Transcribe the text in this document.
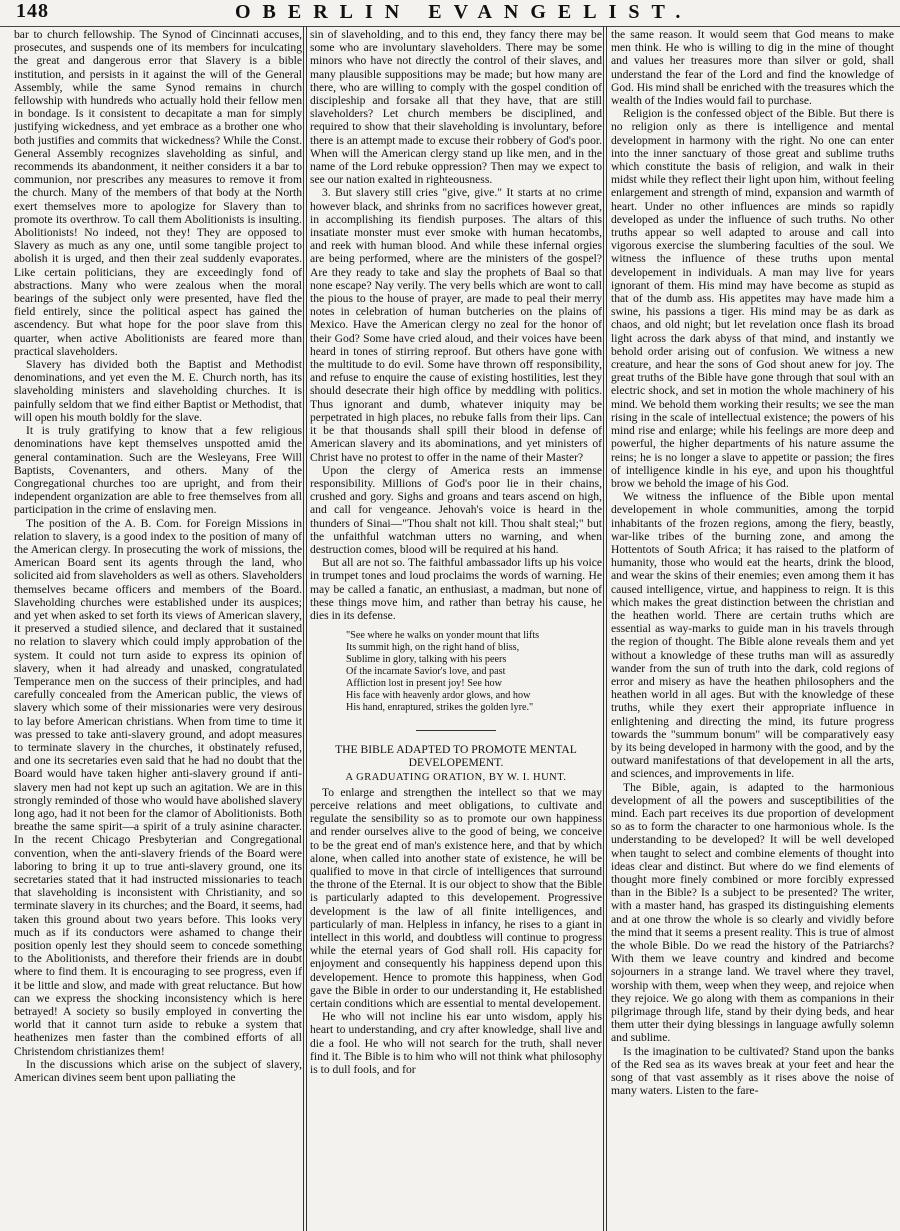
148	OBERLIN EVANGELIST.

bar to church fellowship. The Synod of Cincinnati accuses, prosecutes, and suspends one of its members for inculcating the great and dangerous error that Slavery is a bible institution, and persists in it against the will of the General Assembly, while the same Synod remains in church fellowship with hundreds who actually hold their fellow men in bondage. Is it consistent to decapitate a man for simply justifying wickedness, and yet embrace as a brother one who both justifies and commits that wickedness? While the Const. General Assembly recognizes slaveholding as sinful, and recommends its abandonment, it neither considers it a bar to communion, nor prescribes any measures to remove it from the church. Many of the members of that body at the North exert themselves more to apologize for Slavery than to promote its overthrow. To call them Abolitionists is insulting. Abolitionists! No indeed, not they! They are opposed to Slavery as much as any one, until some tangible project to abolish it is urged, and then their zeal suddenly evaporates. Like certain politicians, they are exceedingly fond of abstractions. Many who were zealous when the moral bearings of the subject only were presented, have fled the field entirely, since the political aspect has gained the ascendency. But what hope for the poor slave from this quarter, when active Abolitionists are feared more than practical slaveholders.

Slavery has divided both the Baptist and Methodist denominations, and yet even the M. E. Church north, has its slaveholding ministers and slaveholding churches. It is painfully seldom that we find either Baptist or Methodist, that will open his mouth boldly for the slave.

It is truly gratifying to know that a few religious denominations have kept themselves unspotted amid the general contamination. Such are the Wesleyans, Free Will Baptists, Covenanters, and others. Many of the Congregational churches too are upright, and from their independent organization are able to free themselves from all participation in the crime of enslaving men.

The position of the A. B. Com. for Foreign Missions in relation to slavery, is a good index to the position of many of the American clergy. In prosecuting the work of missions, the American Board sent its agents through the land, who solicited aid from slaveholders as well as others. Slaveholders themselves became officers and members of the Board. Slaveholding churches were established under its auspices; and yet when asked to set forth its views of American slavery, it preserved a studied silence, and declared that it sustained no relation to slavery which could imply approbation of the system. It could not turn aside to express its opinion of slavery, when it had already and unasked, congratulated Temperance men on the success of their principles, and had carefully concealed from the American public, the views of slavery which some of their missionaries were very desirous to lay before American christians. When from time to time it was pressed to take anti-slavery ground, and adopt measures to terminate slavery in the churches, it obstinately refused, and one its secretaries even said that he had no doubt that the Board would have taken higher anti-slavery ground if anti-slavery men had not kept up such an agitation. We are in this strongly reminded of those who would have abolished slavery long ago, had it not been for the clamor of Abolitionists. Both breathe the same spirit—a spirit of a truly asinine character. In the recent Chicago Presbyterian and Congregational convention, when the anti-slavery friends of the Board were laboring to bring it up to true anti-slavery ground, one its secretaries stated that it had instructed missionaries to teach that slaveholding is inconsistent with Christianity, and so terminate slavery in its churches; and the Board, it seems, had taken this ground about two years before. This looks very much as if its conductors were ashamed to change their position openly lest they should seem to concede something to the Abolitionists, and therefore their friends are in doubt where to find them. It is encouraging to see progress, even if it be little and slow, and made with great reluctance. But how can we express the shocking inconsistency which is here betrayed! A society so busily employed in converting the world that it cannot turn aside to rebuke a system that heathenizes men faster than the combined efforts of all Christendom christianizes them!

In the discussions which arise on the subject of slavery, American divines seem bent upon palliating the

sin of slaveholding, and to this end, they fancy there may be some who are involuntary slaveholders. There may be some minors who have not directly the control of their slaves, and many plausible suppositions may be made; but how many are there, who are willing to comply with the gospel condition of discipleship and forsake all that they have, that are still slaveholders? Let church members be disciplined, and required to show that their slaveholding is involuntary, before there is an attempt made to excuse their robbery of God's poor. When will the American clergy stand up like men, and in the name of the Lord rebuke oppression? Then may we expect to see our nation exalted in righteousness.

3. But slavery still cries "give, give." It starts at no crime however black, and shrinks from no sacrifices however great, in accomplishing its fiendish purposes. The altars of this insatiate monster must ever smoke with human hecatombs, and reek with human blood. And while these infernal orgies are being performed, where are the ministers of the gospel? Are they ready to take and slay the prophets of Baal so that none escape? Nay verily. The very bells which are wont to call the pious to the house of prayer, are made to peal their merry notes in celebration of human butcheries on the plains of Mexico. Have the American clergy no zeal for the honor of their God? Some have cried aloud, and their voices have been heard in tones of stirring reproof. But others have gone with the multitude to do evil. Some have thrown off responsibility, and refuse to enquire the cause of existing hostilities, lest they should desecrate their high office by meddling with politics. Thus ignorant and dumb, whatever iniquity may be perpetrated in high places, no rebuke falls from their lips. Can it be that thousands shall spill their blood in defense of American slavery and its abominations, and yet ministers of Christ have no protest to offer in the name of their Master?

Upon the clergy of America rests an immense responsibility. Millions of God's poor lie in their chains, crushed and gory. Sighs and groans and tears ascend on high, and call for vengeance. Jehovah's voice is heard in the thunders of Sinai—"Thou shalt not kill. Thou shalt steal;" but the unfaithful watchman utters no warning, and when destruction comes, blood will be required at his hand.

But all are not so. The faithful ambassador lifts up his voice in trumpet tones and loud proclaims the words of warning. He may be called a fanatic, an enthusiast, a madman, but none of these things move him, and rather than betray his cause, he dies in its defense.

"See where he walks on yonder mount that lifts
Its summit high, on the right hand of bliss,
Sublime in glory, talking with his peers
Of the incarnate Savior's love, and past
Affliction lost in present joy! See how
His face with heavenly ardor glows, and how
His hand, enraptured, strikes the golden lyre."
THE BIBLE ADAPTED TO PROMOTE MENTAL DEVELOPEMENT.
A GRADUATING ORATION, BY W. I. HUNT.

To enlarge and strengthen the intellect so that we may perceive relations and meet obligations, to cultivate and regulate the sensibility so as to promote our own happiness and render ourselves alive to the good of being, we conceive to be the great end of man's existence here, and that by which alone, when called into another state of existence, he will be qualified to move in that circle of intelligences that surround the throne of the Eternal. It is our object to show that the Bible is particularly adapted to this developement. Progressive development is the law of all finite intelligences, and particularly of man. Helpless in infancy, he rises to a giant in intellect in this world, and doubtless will continue to progress while the eternal years of God shall roll. His capacity for enjoyment and consequently his happiness depend upon this developement. Hence to promote this happiness, when God gave the Bible in order to our understanding it, He established certain conditions which are essential to mental developement.

He who will not incline his ear unto wisdom, apply his heart to understanding, and cry after knowledge, shall live and die a fool. He who will not search for the truth, shall never find it. The Bible is to him who will not think what philosophy is to dull fools, and for

the same reason. It would seem that God means to make men think. He who is willing to dig in the mine of thought and values her treasures more than silver or gold, shall understand the fear of the Lord and find the knowledge of God. His mind shall be enriched with the treasures which the wealth of the Indies would fail to purchase.

Religion is the confessed object of the Bible. But there is no religion only as there is intelligence and mental development in harmony with the right. No one can enter into the inner sanctuary of those great and sublime truths which constitute the basis of religion, and walk in their midst while they reflect their light upon him, without feeling enlargement and strength of mind, expansion and warmth of heart. Under no other influences are minds so rapidly developed as under the influence of such truths. No other truths appear so well adapted to arouse and call into vigorous exercise the slumbering faculties of the soul. We witness the influence of these truths upon mental developement in individuals. A man may live for years ignorant of them. His mind may have become as stupid as that of the dumb ass. His appetites may have made him a swine, his passions a tiger. His mind may be as dark as chaos, and old night; but let revelation once flash its broad light across the dark abyss of that mind, and instantly we behold order arising out of confusion. We witness a new creature, and hear the sons of God shout anew for joy. The great truths of the Bible have gone through that soul with an electric shock, and set in motion the whole machinery of his mind. We behold them working their results; we see the man rising in the scale of intellectual existence; the powers of his mind rise and enlarge; while his feelings are more deep and powerful, the higher departments of his nature assume the reins; he is no longer a slave to appetite or passion; the fires of intelligence kindle in his eye, and upon his thoughtful brow we behold the image of his God.

We witness the influence of the Bible upon mental developement in whole communities, among the torpid inhabitants of the frozen regions, among the fiery, beastly, war-like tribes of the burning zone, and among the Hottentots of South Africa; it has raised to the platform of humanity, those who would eat the hearts, drink the blood, and wear the skins of their enemies; even among them it has caused intelligence, virtue, and happiness to reign. It is this which makes the great distinction between the christian and the heathen world. There are certain truths which are essential as way-marks to guide man in his travels through the region of thought. The Bible alone reveals them and yet without a knowledge of these truths man will as assuredly wander from the sun of truth into the dark, cold regions of error and misery as have the heathen philosophers and the heathen world in all ages. But with the knowledge of these truths, while they exert their appropriate influence in enlightening and directing the mind, its future progress towards the "summum bonum" will be comparatively easy by its being developed in harmony with the good, and by the outward manifestations of that developement in all the arts, and sciences, and improvements in life.

The Bible, again, is adapted to the harmonious development of all the powers and susceptibilities of the mind. Each part receives its due proportion of development so as to form the character to one harmonious whole. Is the understanding to be developed? It will be well developed when taught to select and combine elements of thought into ideas clear and distinct. But where do we find elements of thought more finely combined or more forcibly expressed than in the Bible? Is a subject to be presented? The writer, with a master hand, has grasped its distinguishing elements and at one throw the whole is so clearly and vividly before the mind that it seems a present reality. This is true of almost the whole Bible. Do we read the history of the Patriarchs? With them we leave country and kindred and become sojourners in a strange land. We travel where they travel, worship with them, weep when they weep, and rejoice when they rejoice. We go along with them as companions in their pilgrimage through life, stand by their dying beds, and hear them utter their dying blessings in language awfully solemn and sublime.

Is the imagination to be cultivated? Stand upon the banks of the Red sea as its waves break at your feet and hear the song of that vast assembly as it rises above the noise of many waters. Listen to the fare-
